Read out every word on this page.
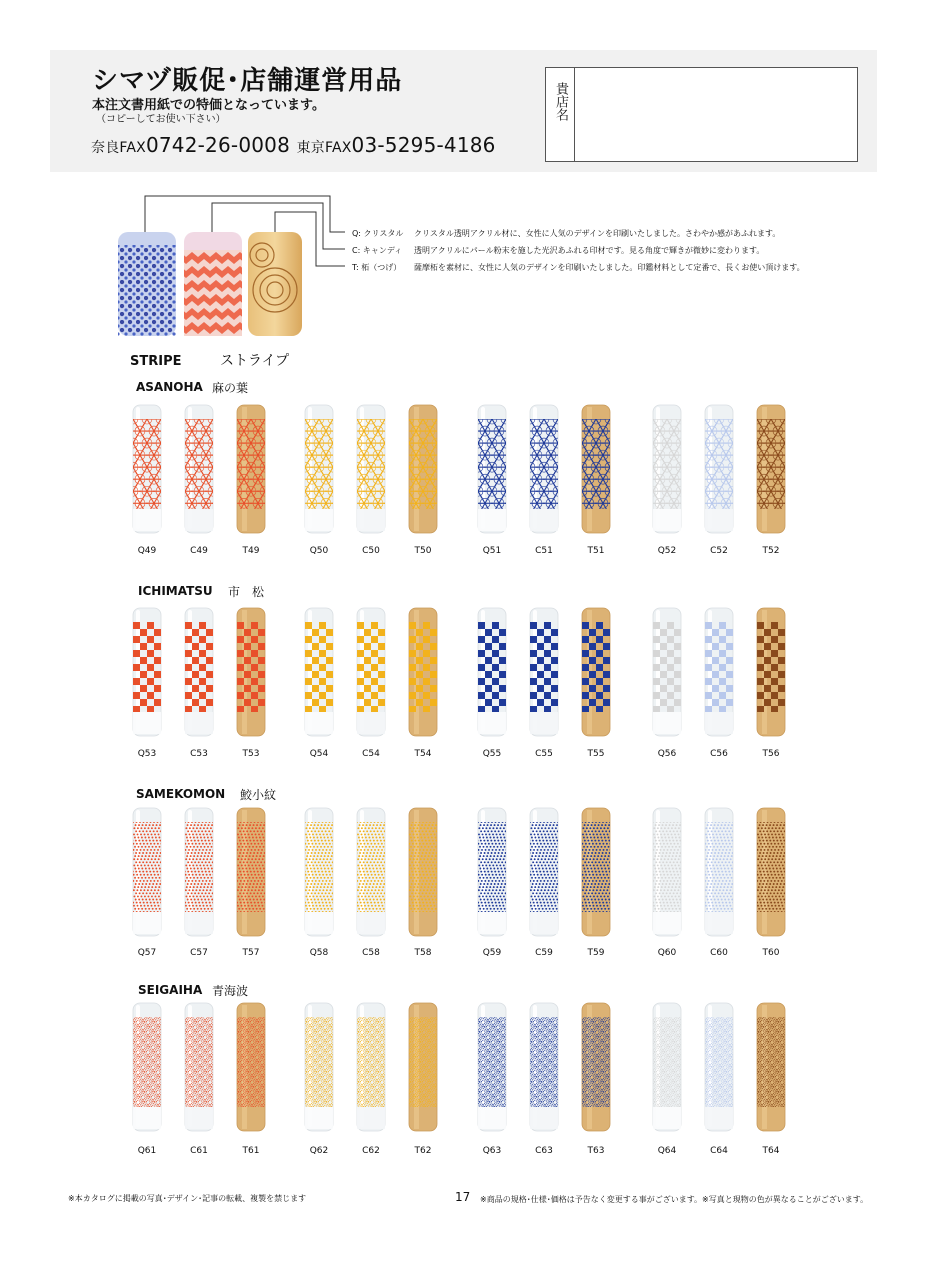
シマヅ販促･店舗運営用品
本注文書用紙での特価となっています。
（コピーしてお使い下さい）
奈良FAX0742-26-0008 東京FAX03-5295-4186
貴店名
Q: クリスタル クリスタル透明アクリル材に、女性に人気のデザインを印刷いたしました。さわやか感があふれます。
C: キャンディ 透明アクリルにパール粉末を施した光沢あふれる印材です。見る角度で輝きが微妙に変わります。
T: 柘（つげ） 薩摩柘を素材に、女性に人気のデザインを印刷いたしました。印鑑材料として定番で、長くお使い頂けます。
STRIPE	ストライプ
ASANOHA 麻の葉
ICHIMATSU 市　松
SAMEKOMON 鮫小紋
SEIGAIHA 青海波
Q49	C49	T49	Q50	C50	T50	Q51	C51	T51	Q52	C52	T52
Q53	C53	T53	Q54	C54	T54	Q55	C55	T55	Q56	C56	T56
Q57	C57	T57	Q58	C58	T58	Q59	C59	T59	Q60	C60	T60
Q61	C61	T61	Q62	C62	T62	Q63	C63	T63	Q64	C64	T64
※本カタログに掲載の写真･デザイン･記事の転載、複製を禁じます	17 ※商品の規格･仕様･価格は予告なく変更する事がございます。※写真と現物の色が異なることがございます。
